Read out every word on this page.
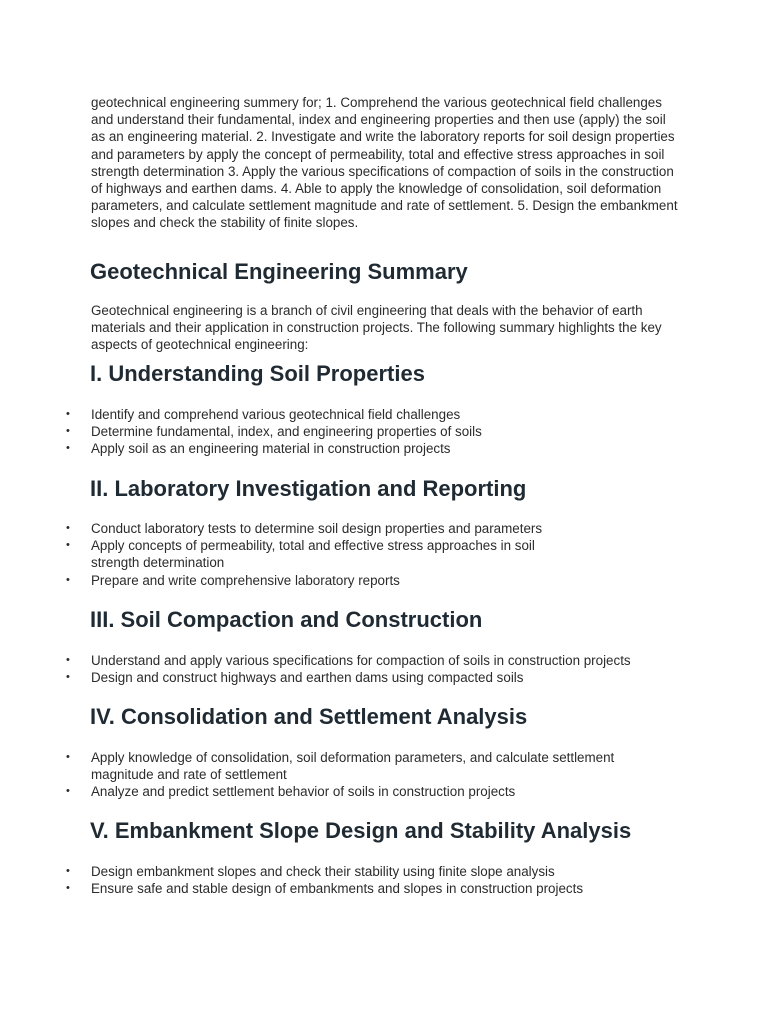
geotechnical engineering summery for; 1. Comprehend the various geotechnical field challenges and understand their fundamental, index and engineering properties and then use (apply) the soil as an engineering material. 2. Investigate and write the laboratory reports for soil design properties and parameters by apply the concept of permeability, total and effective stress approaches in soil strength determination 3. Apply the various specifications of compaction of soils in the construction of highways and earthen dams. 4. Able to apply the knowledge of consolidation, soil deformation parameters, and calculate settlement magnitude and rate of settlement. 5. Design the embankment slopes and check the stability of finite slopes.

Geotechnical Engineering Summary

Geotechnical engineering is a branch of civil engineering that deals with the behavior of earth materials and their application in construction projects. The following summary highlights the key aspects of geotechnical engineering:

I. Understanding Soil Properties
• Identify and comprehend various geotechnical field challenges
• Determine fundamental, index, and engineering properties of soils
• Apply soil as an engineering material in construction projects
II. Laboratory Investigation and Reporting
• Conduct laboratory tests to determine soil design properties and parameters
• Apply concepts of permeability, total and effective stress approaches in soil strength determination
• Prepare and write comprehensive laboratory reports
III. Soil Compaction and Construction
• Understand and apply various specifications for compaction of soils in construction projects
• Design and construct highways and earthen dams using compacted soils
IV. Consolidation and Settlement Analysis
• Apply knowledge of consolidation, soil deformation parameters, and calculate settlement magnitude and rate of settlement
• Analyze and predict settlement behavior of soils in construction projects
V. Embankment Slope Design and Stability Analysis
• Design embankment slopes and check their stability using finite slope analysis
• Ensure safe and stable design of embankments and slopes in construction projects
